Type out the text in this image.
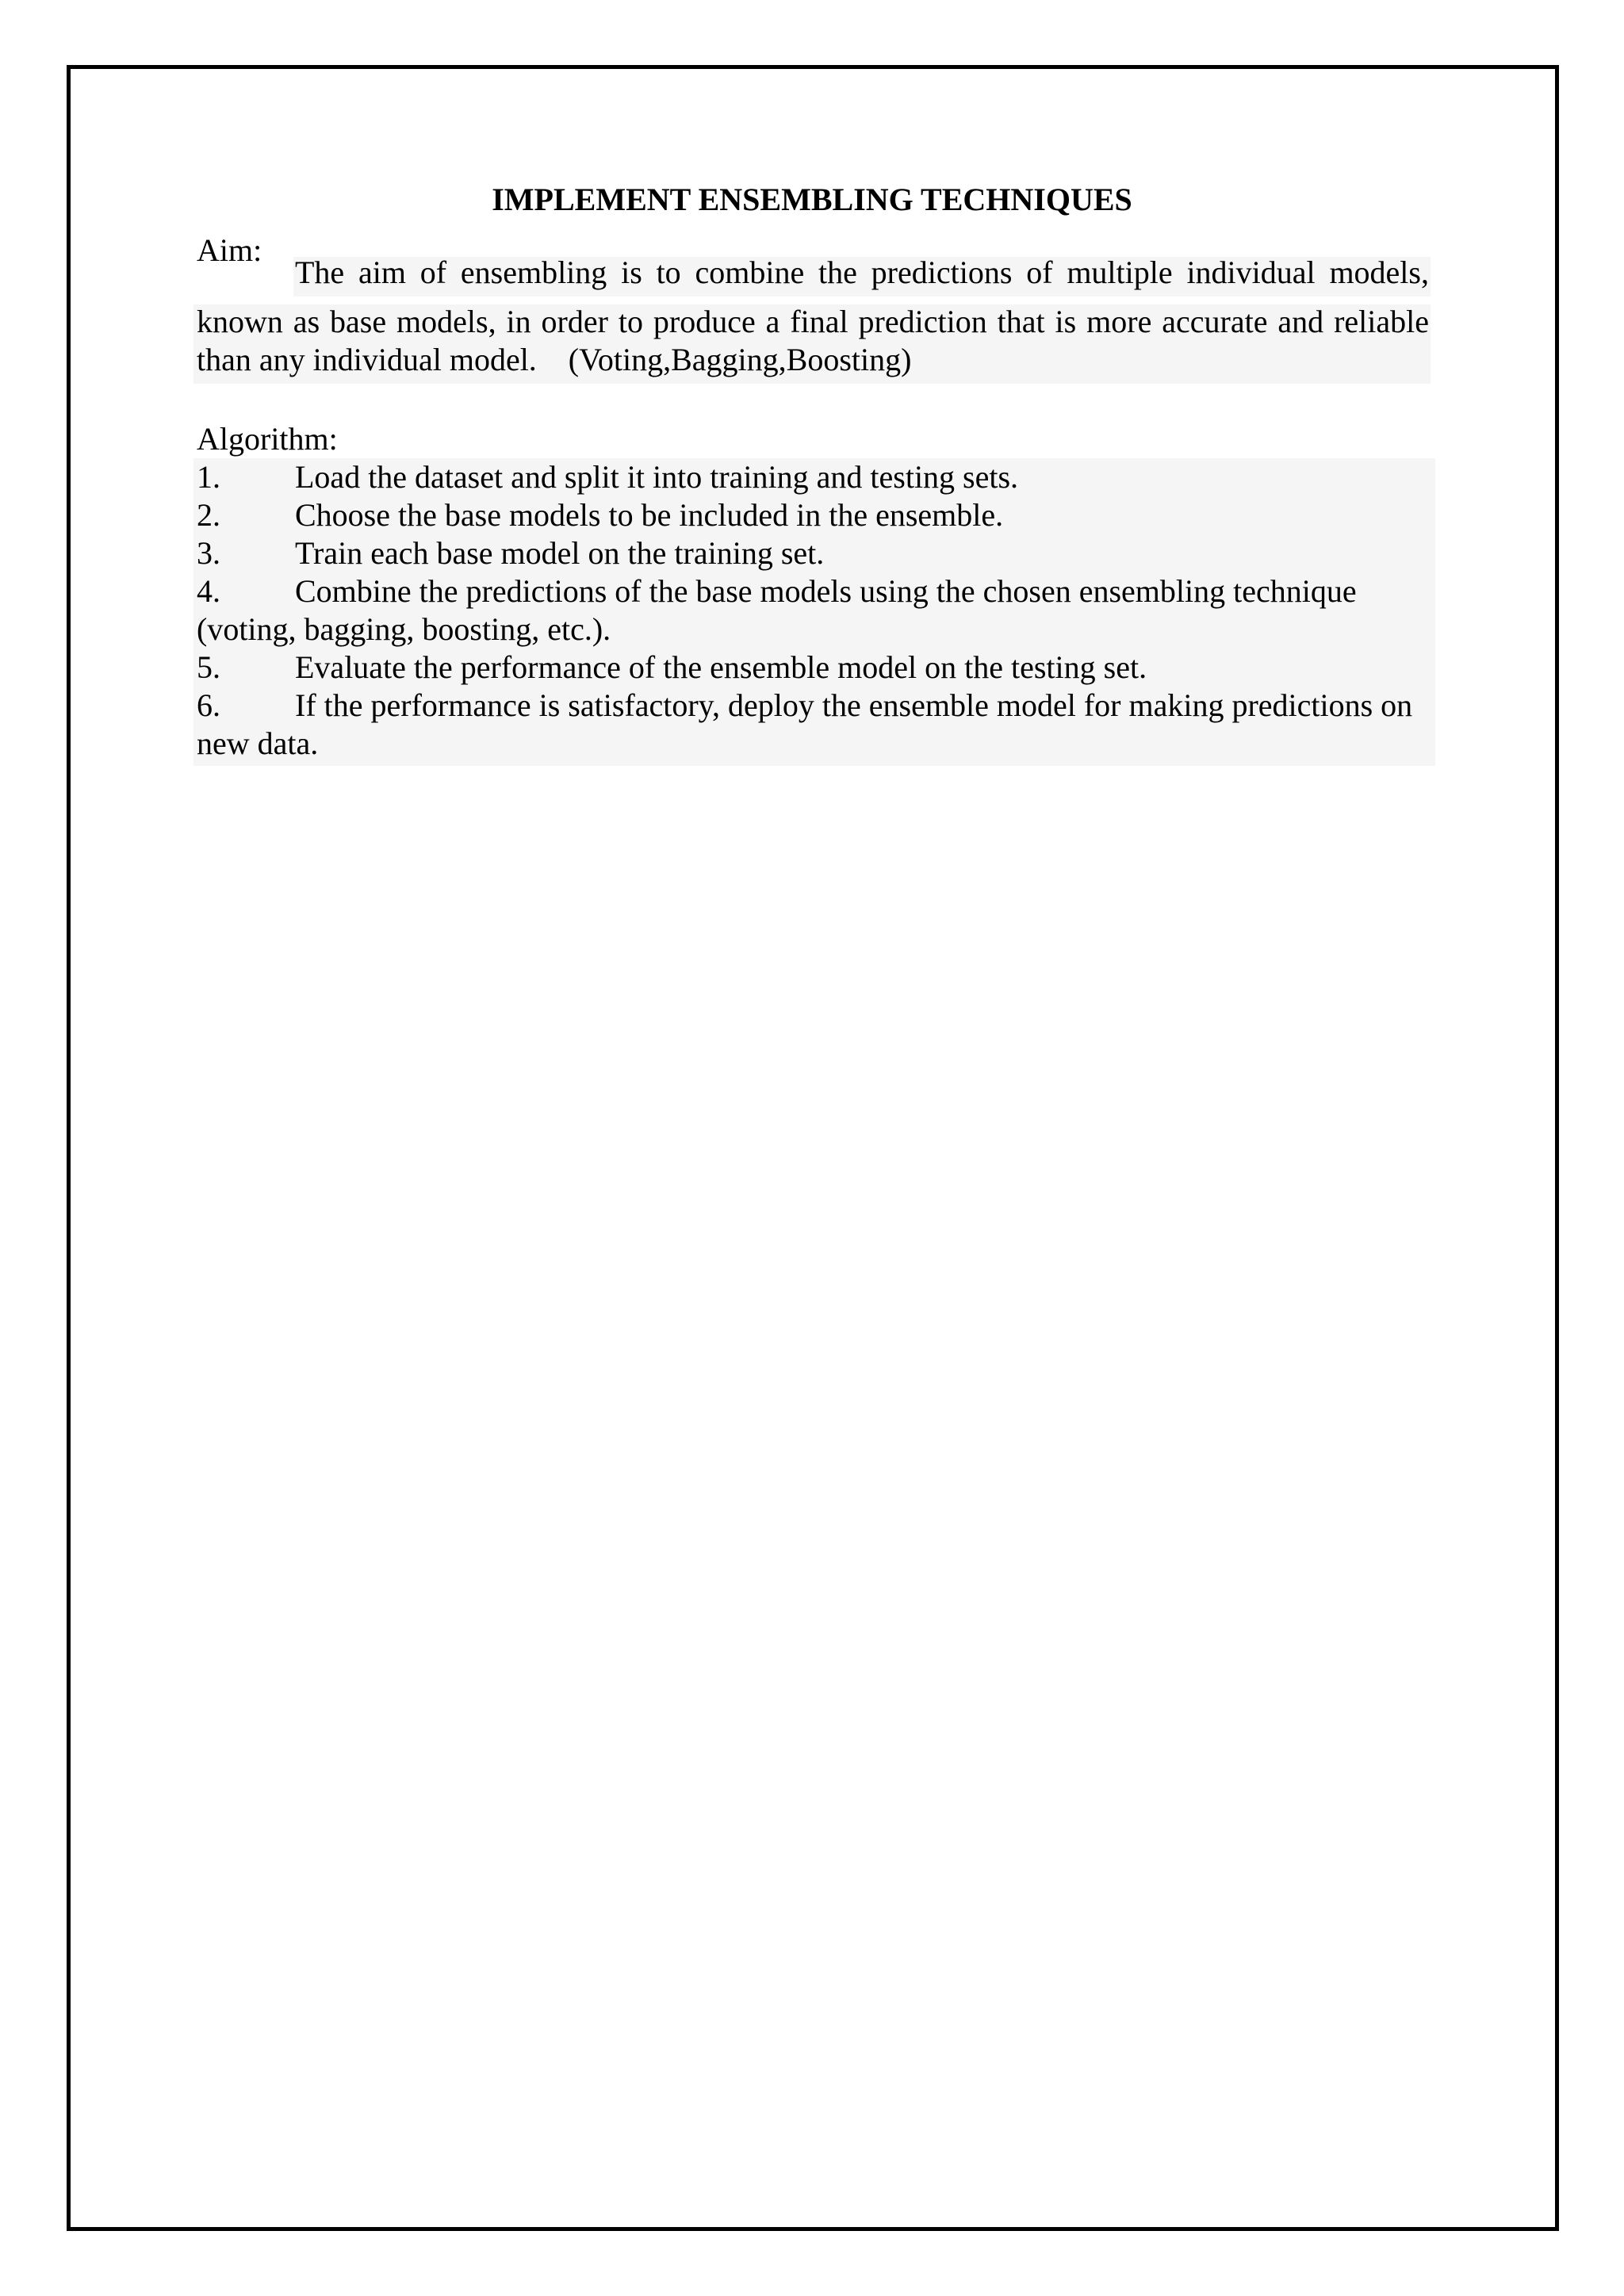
IMPLEMENT ENSEMBLING TECHNIQUES
Aim:
The aim of ensembling is to combine the predictions of multiple individual models,
known as base models, in order to produce a final prediction that is more accurate and reliable than any individual model.    (Voting,Bagging,Boosting)
Algorithm:
1. Load the dataset and split it into training and testing sets.
2. Choose the base models to be included in the ensemble.
3. Train each base model on the training set.
4. Combine the predictions of the base models using the chosen ensembling technique (voting, bagging, boosting, etc.).
5. Evaluate the performance of the ensemble model on the testing set.
6. If the performance is satisfactory, deploy the ensemble model for making predictions on new data.
